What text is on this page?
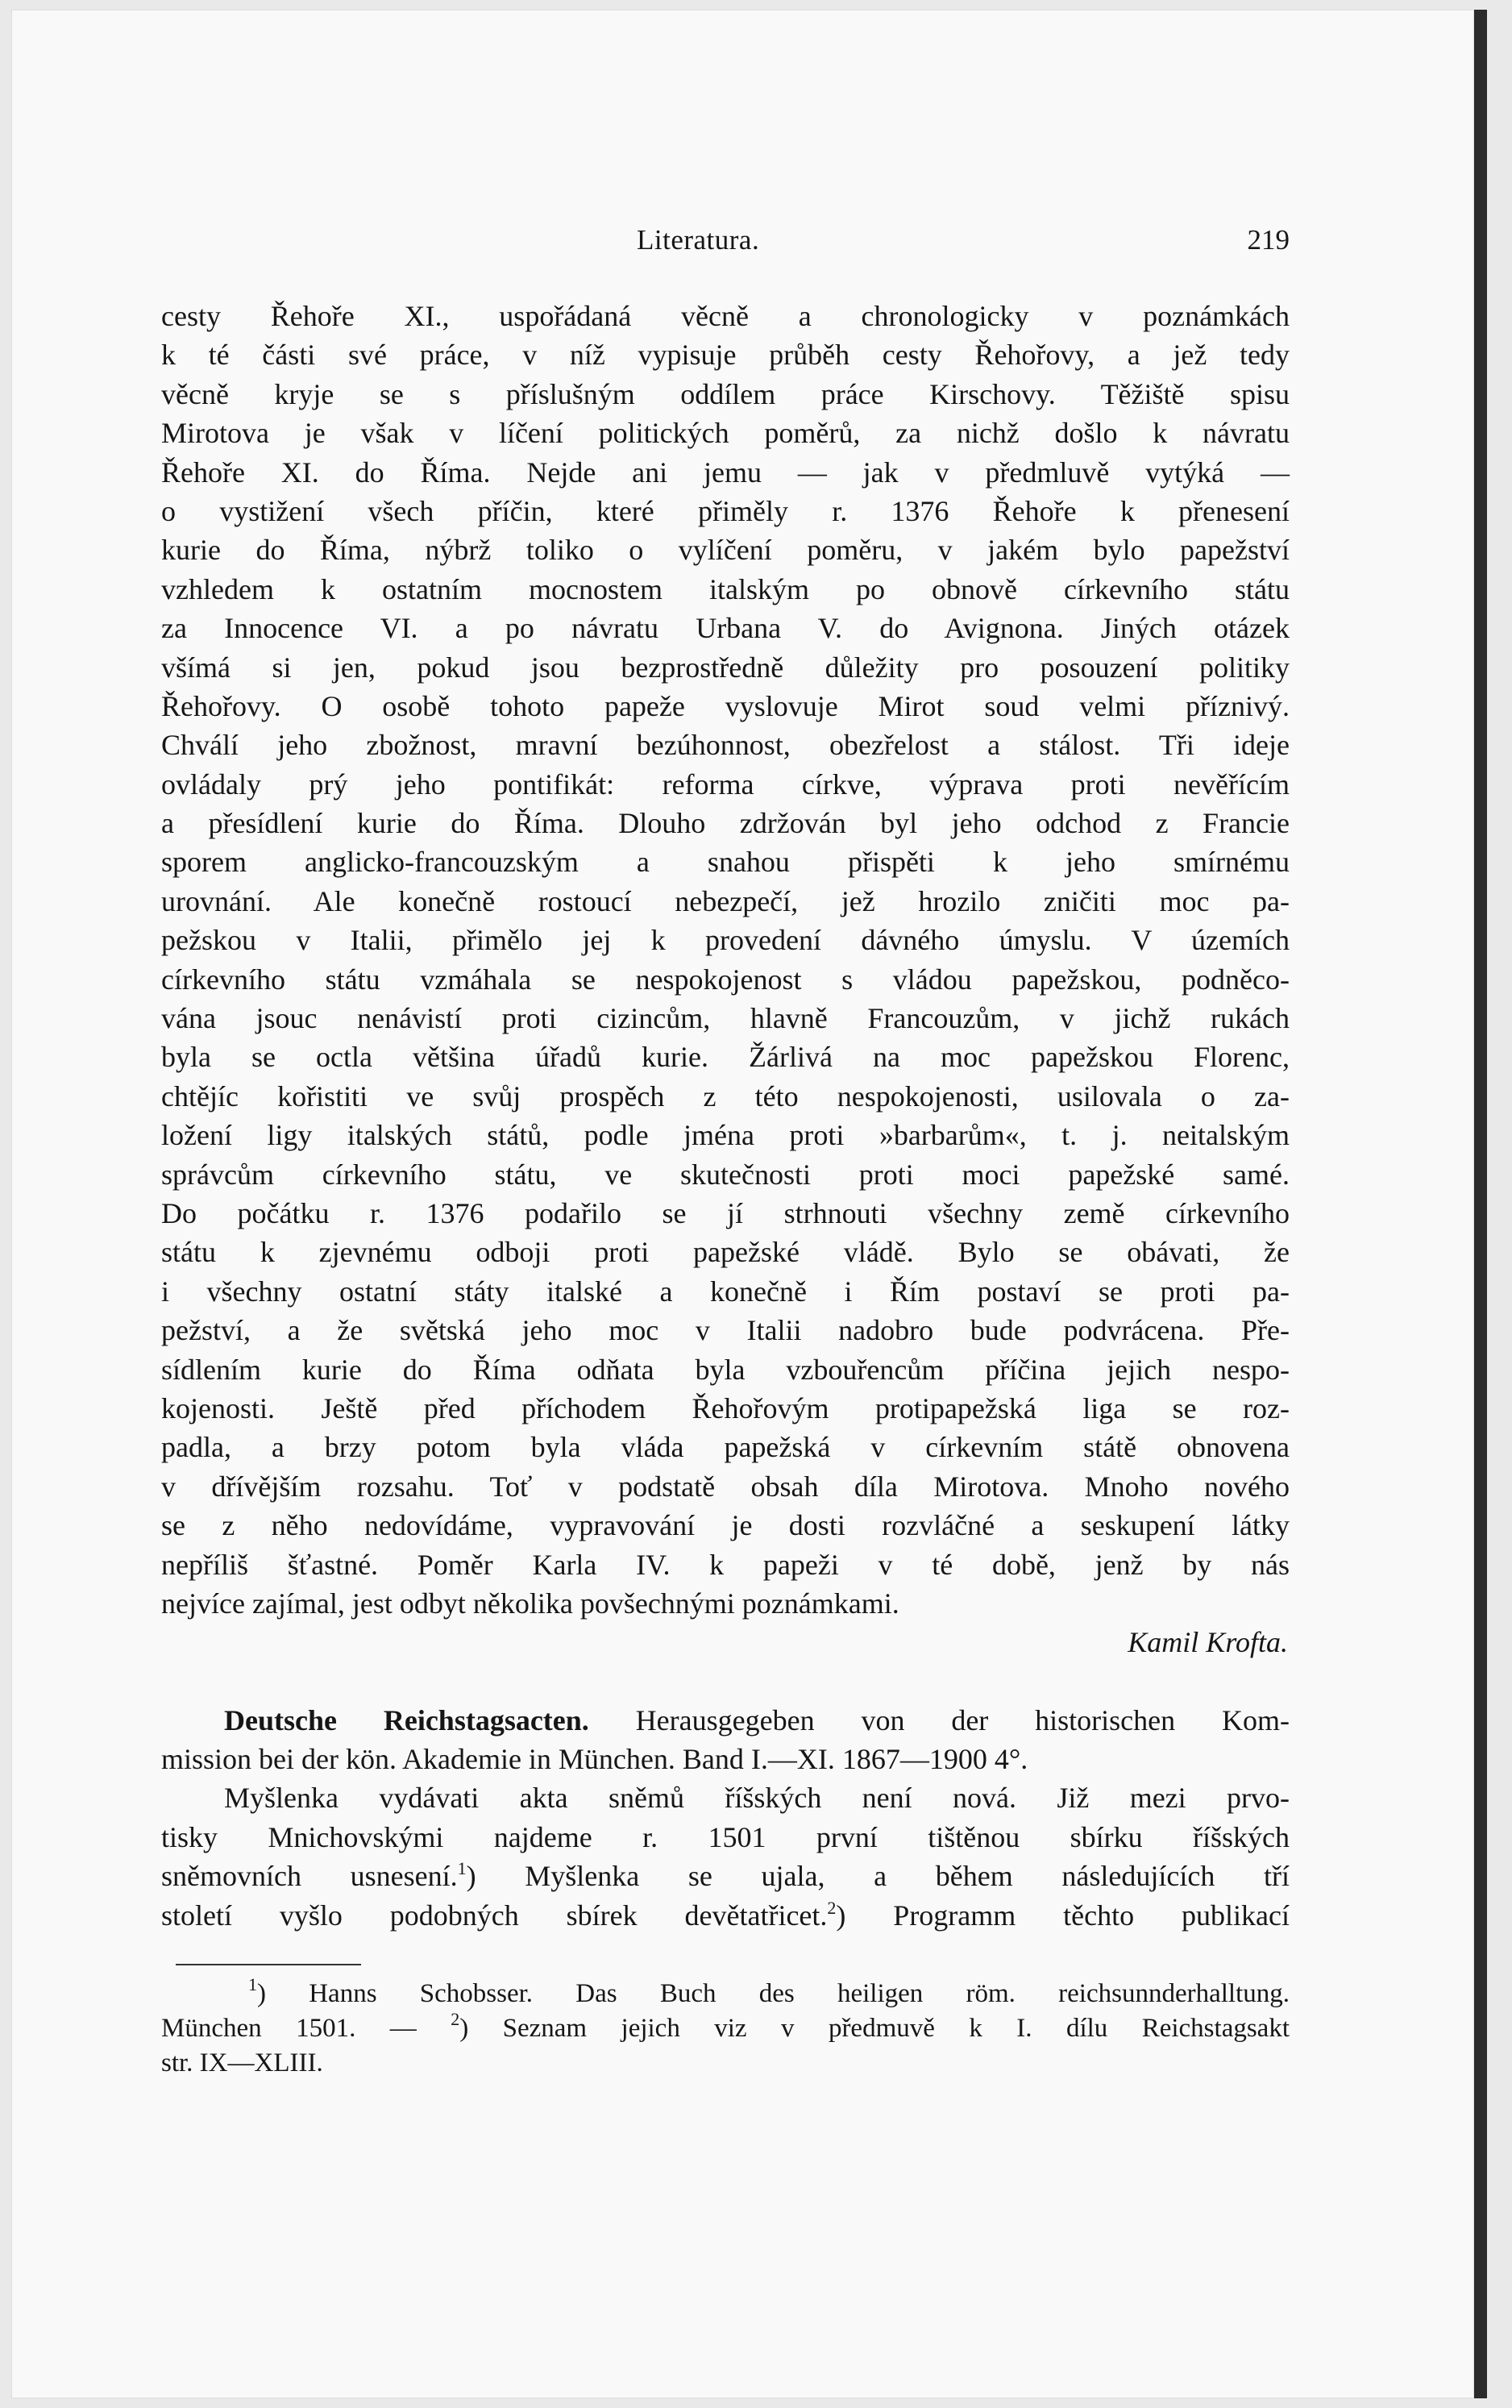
Literatura.	219
cesty Řehoře XI., uspořádaná věcně a chronologicky v poznámkách
k té části své práce, v níž vypisuje průběh cesty Řehořovy, a jež tedy
věcně kryje se s příslušným oddílem práce Kirschovy. Těžiště spisu
Mirotova je však v líčení politických poměrů, za nichž došlo k návratu
Řehoře XI. do Říma. Nejde ani jemu — jak v předmluvě vytýká —
o vystižení všech příčin, které přiměly r. 1376 Řehoře k přenesení
kurie do Říma, nýbrž toliko o vylíčení poměru, v jakém bylo papežství
vzhledem k ostatním mocnostem italským po obnově církevního státu
za Innocence VI. a po návratu Urbana V. do Avignona. Jiných otázek
všímá si jen, pokud jsou bezprostředně důležity pro posouzení politiky
Řehořovy. O osobě tohoto papeže vyslovuje Mirot soud velmi příznivý.
Chválí jeho zbožnost, mravní bezúhonnost, obezřelost a stálost. Tři ideje
ovládaly prý jeho pontifikát: reforma církve, výprava proti nevěřícím
a přesídlení kurie do Říma. Dlouho zdržován byl jeho odchod z Francie
sporem anglicko-francouzským a snahou přispěti k jeho smírnému
urovnání. Ale konečně rostoucí nebezpečí, jež hrozilo zničiti moc pa-
pežskou v Italii, přimělo jej k provedení dávného úmyslu. V územích
církevního státu vzmáhala se nespokojenost s vládou papežskou, podněco-
vána jsouc nenávistí proti cizincům, hlavně Francouzům, v jichž rukách
byla se octla většina úřadů kurie. Žárlivá na moc papežskou Florenc,
chtějíc kořistiti ve svůj prospěch z této nespokojenosti, usilovala o za-
ložení ligy italských států, podle jména proti »barbarům«, t. j. neitalským
správcům církevního státu, ve skutečnosti proti moci papežské samé.
Do počátku r. 1376 podařilo se jí strhnouti všechny země církevního
státu k zjevnému odboji proti papežské vládě. Bylo se obávati, že
i všechny ostatní státy italské a konečně i Řím postaví se proti pa-
pežství, a že světská jeho moc v Italii nadobro bude podvrácena. Pře-
sídlením kurie do Říma odňata byla vzbouřencům příčina jejich nespo-
kojenosti. Ještě před příchodem Řehořovým protipapežská liga se roz-
padla, a brzy potom byla vláda papežská v církevním státě obnovena
v dřívějším rozsahu. Toť v podstatě obsah díla Mirotova. Mnoho nového
se z něho nedovídáme, vypravování je dosti rozvláčné a seskupení látky
nepříliš šťastné. Poměr Karla IV. k papeži v té době, jenž by nás
nejvíce zajímal, jest odbyt několika povšechnými poznámkami.
Kamil Krofta.
Deutsche Reichstagsacten. Herausgegeben von der historischen Kom-
mission bei der kön. Akademie in München. Band I.—XI. 1867—1900 4°.
Myšlenka vydávati akta sněmů říšských není nová. Již mezi prvo-
tisky Mnichovskými najdeme r. 1501 první tištěnou sbírku říšských
sněmovních usnesení.$^1$) Myšlenka se ujala, a během následujících tří
století vyšlo podobných sbírek devětatřicet.$^2$) Programm těchto publikací
$^1$) Hanns Schobsser. Das Buch des heiligen röm. reichsunnderhalltung.
München 1501. — $^2$) Seznam jejich viz v předmuvě k I. dílu Reichstagsakt
str. IX—XLIII.
